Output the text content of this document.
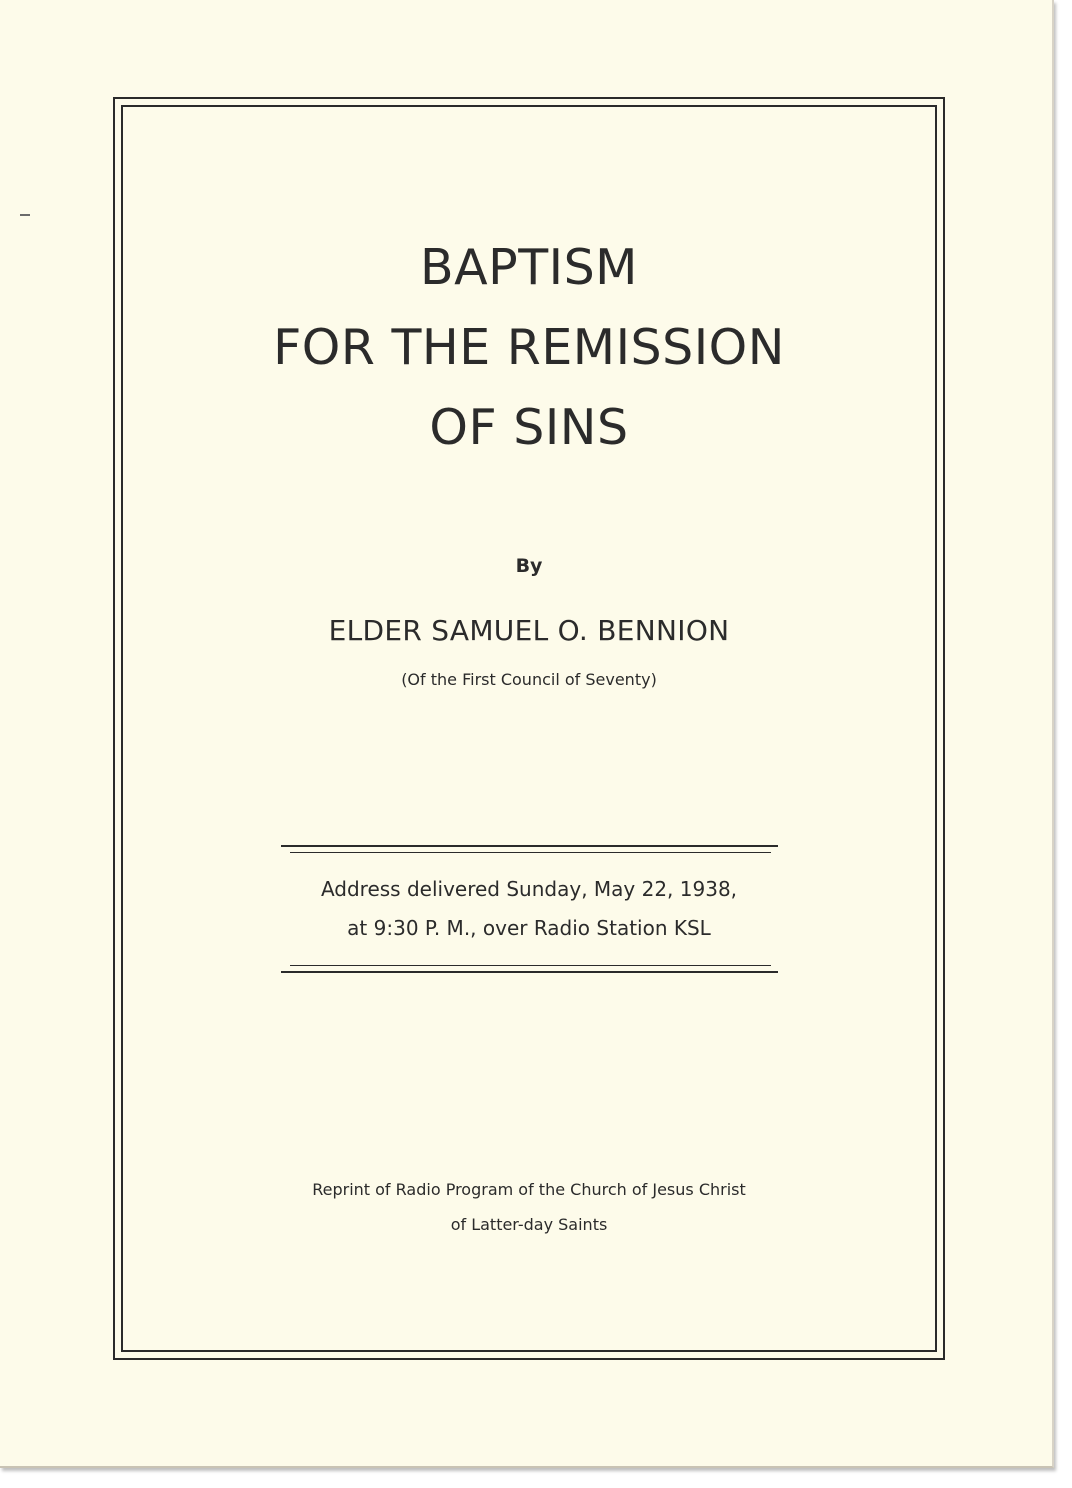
BAPTISM
FOR THE REMISSION
OF SINS
By
ELDER SAMUEL O. BENNION
(Of the First Council of Seventy)
Address delivered Sunday, May 22, 1938,
at 9:30 P. M., over Radio Station KSL
Reprint of Radio Program of the Church of Jesus Christ
of Latter-day Saints
